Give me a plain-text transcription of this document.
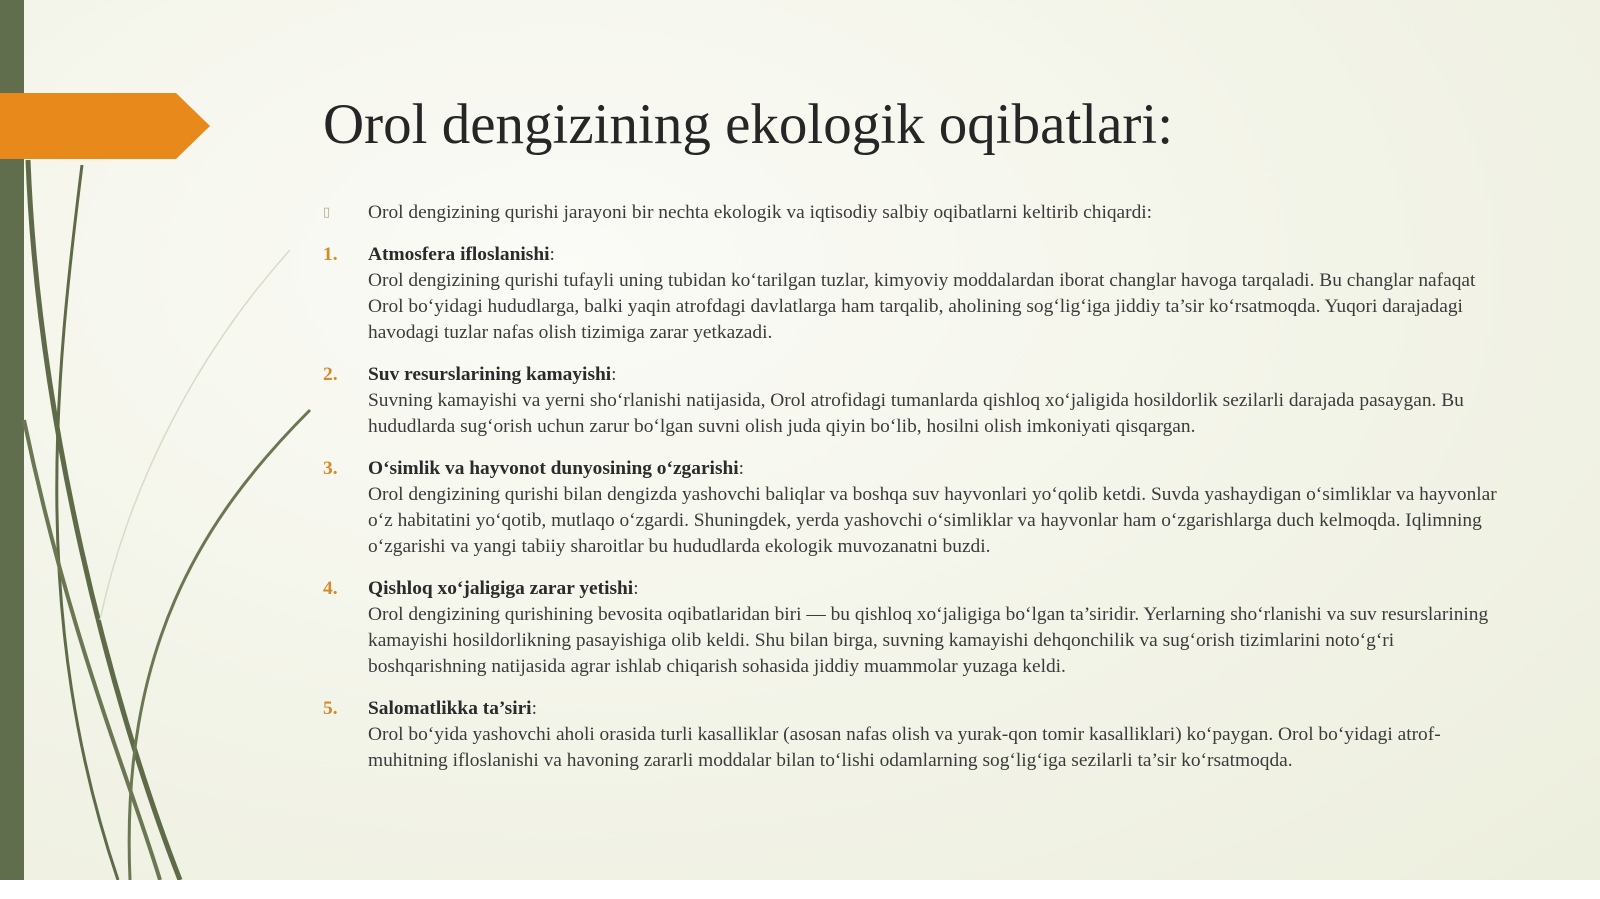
Orol dengizining ekologik oqibatlari:
▯ Orol dengizining qurishi jarayoni bir nechta ekologik va iqtisodiy salbiy oqibatlarni keltirib chiqardi:
1. Atmosfera ifloslanishi:
Orol dengizining qurishi tufayli uning tubidan ko‘tarilgan tuzlar, kimyoviy moddalardan iborat changlar havoga tarqaladi. Bu changlar nafaqat Orol bo‘yidagi hududlarga, balki yaqin atrofdagi davlatlarga ham tarqalib, aholining sog‘lig‘iga jiddiy ta’sir ko‘rsatmoqda. Yuqori darajadagi havodagi tuzlar nafas olish tizimiga zarar yetkazadi.
2. Suv resurslarining kamayishi:
Suvning kamayishi va yerni sho‘rlanishi natijasida, Orol atrofidagi tumanlarda qishloq xo‘jaligida hosildorlik sezilarli darajada pasaygan. Bu hududlarda sug‘orish uchun zarur bo‘lgan suvni olish juda qiyin bo‘lib, hosilni olish imkoniyati qisqargan.
3. O‘simlik va hayvonot dunyosining o‘zgarishi:
Orol dengizining qurishi bilan dengizda yashovchi baliqlar va boshqa suv hayvonlari yo‘qolib ketdi. Suvda yashaydigan o‘simliklar va hayvonlar o‘z habitatini yo‘qotib, mutlaqo o‘zgardi. Shuningdek, yerda yashovchi o‘simliklar va hayvonlar ham o‘zgarishlarga duch kelmoqda. Iqlimning o‘zgarishi va yangi tabiiy sharoitlar bu hududlarda ekologik muvozanatni buzdi.
4. Qishloq xo‘jaligiga zarar yetishi:
Orol dengizining qurishining bevosita oqibatlaridan biri — bu qishloq xo‘jaligiga bo‘lgan ta’siridir. Yerlarning sho‘rlanishi va suv resurslarining kamayishi hosildorlikning pasayishiga olib keldi. Shu bilan birga, suvning kamayishi dehqonchilik va sug‘orish tizimlarini noto‘g‘ri boshqarishning natijasida agrar ishlab chiqarish sohasida jiddiy muammolar yuzaga keldi.
5. Salomatlikka ta’siri:
Orol bo‘yida yashovchi aholi orasida turli kasalliklar (asosan nafas olish va yurak-qon tomir kasalliklari) ko‘paygan. Orol bo‘yidagi atrof-muhitning ifloslanishi va havoning zararli moddalar bilan to‘lishi odamlarning sog‘lig‘iga sezilarli ta’sir ko‘rsatmoqda.
